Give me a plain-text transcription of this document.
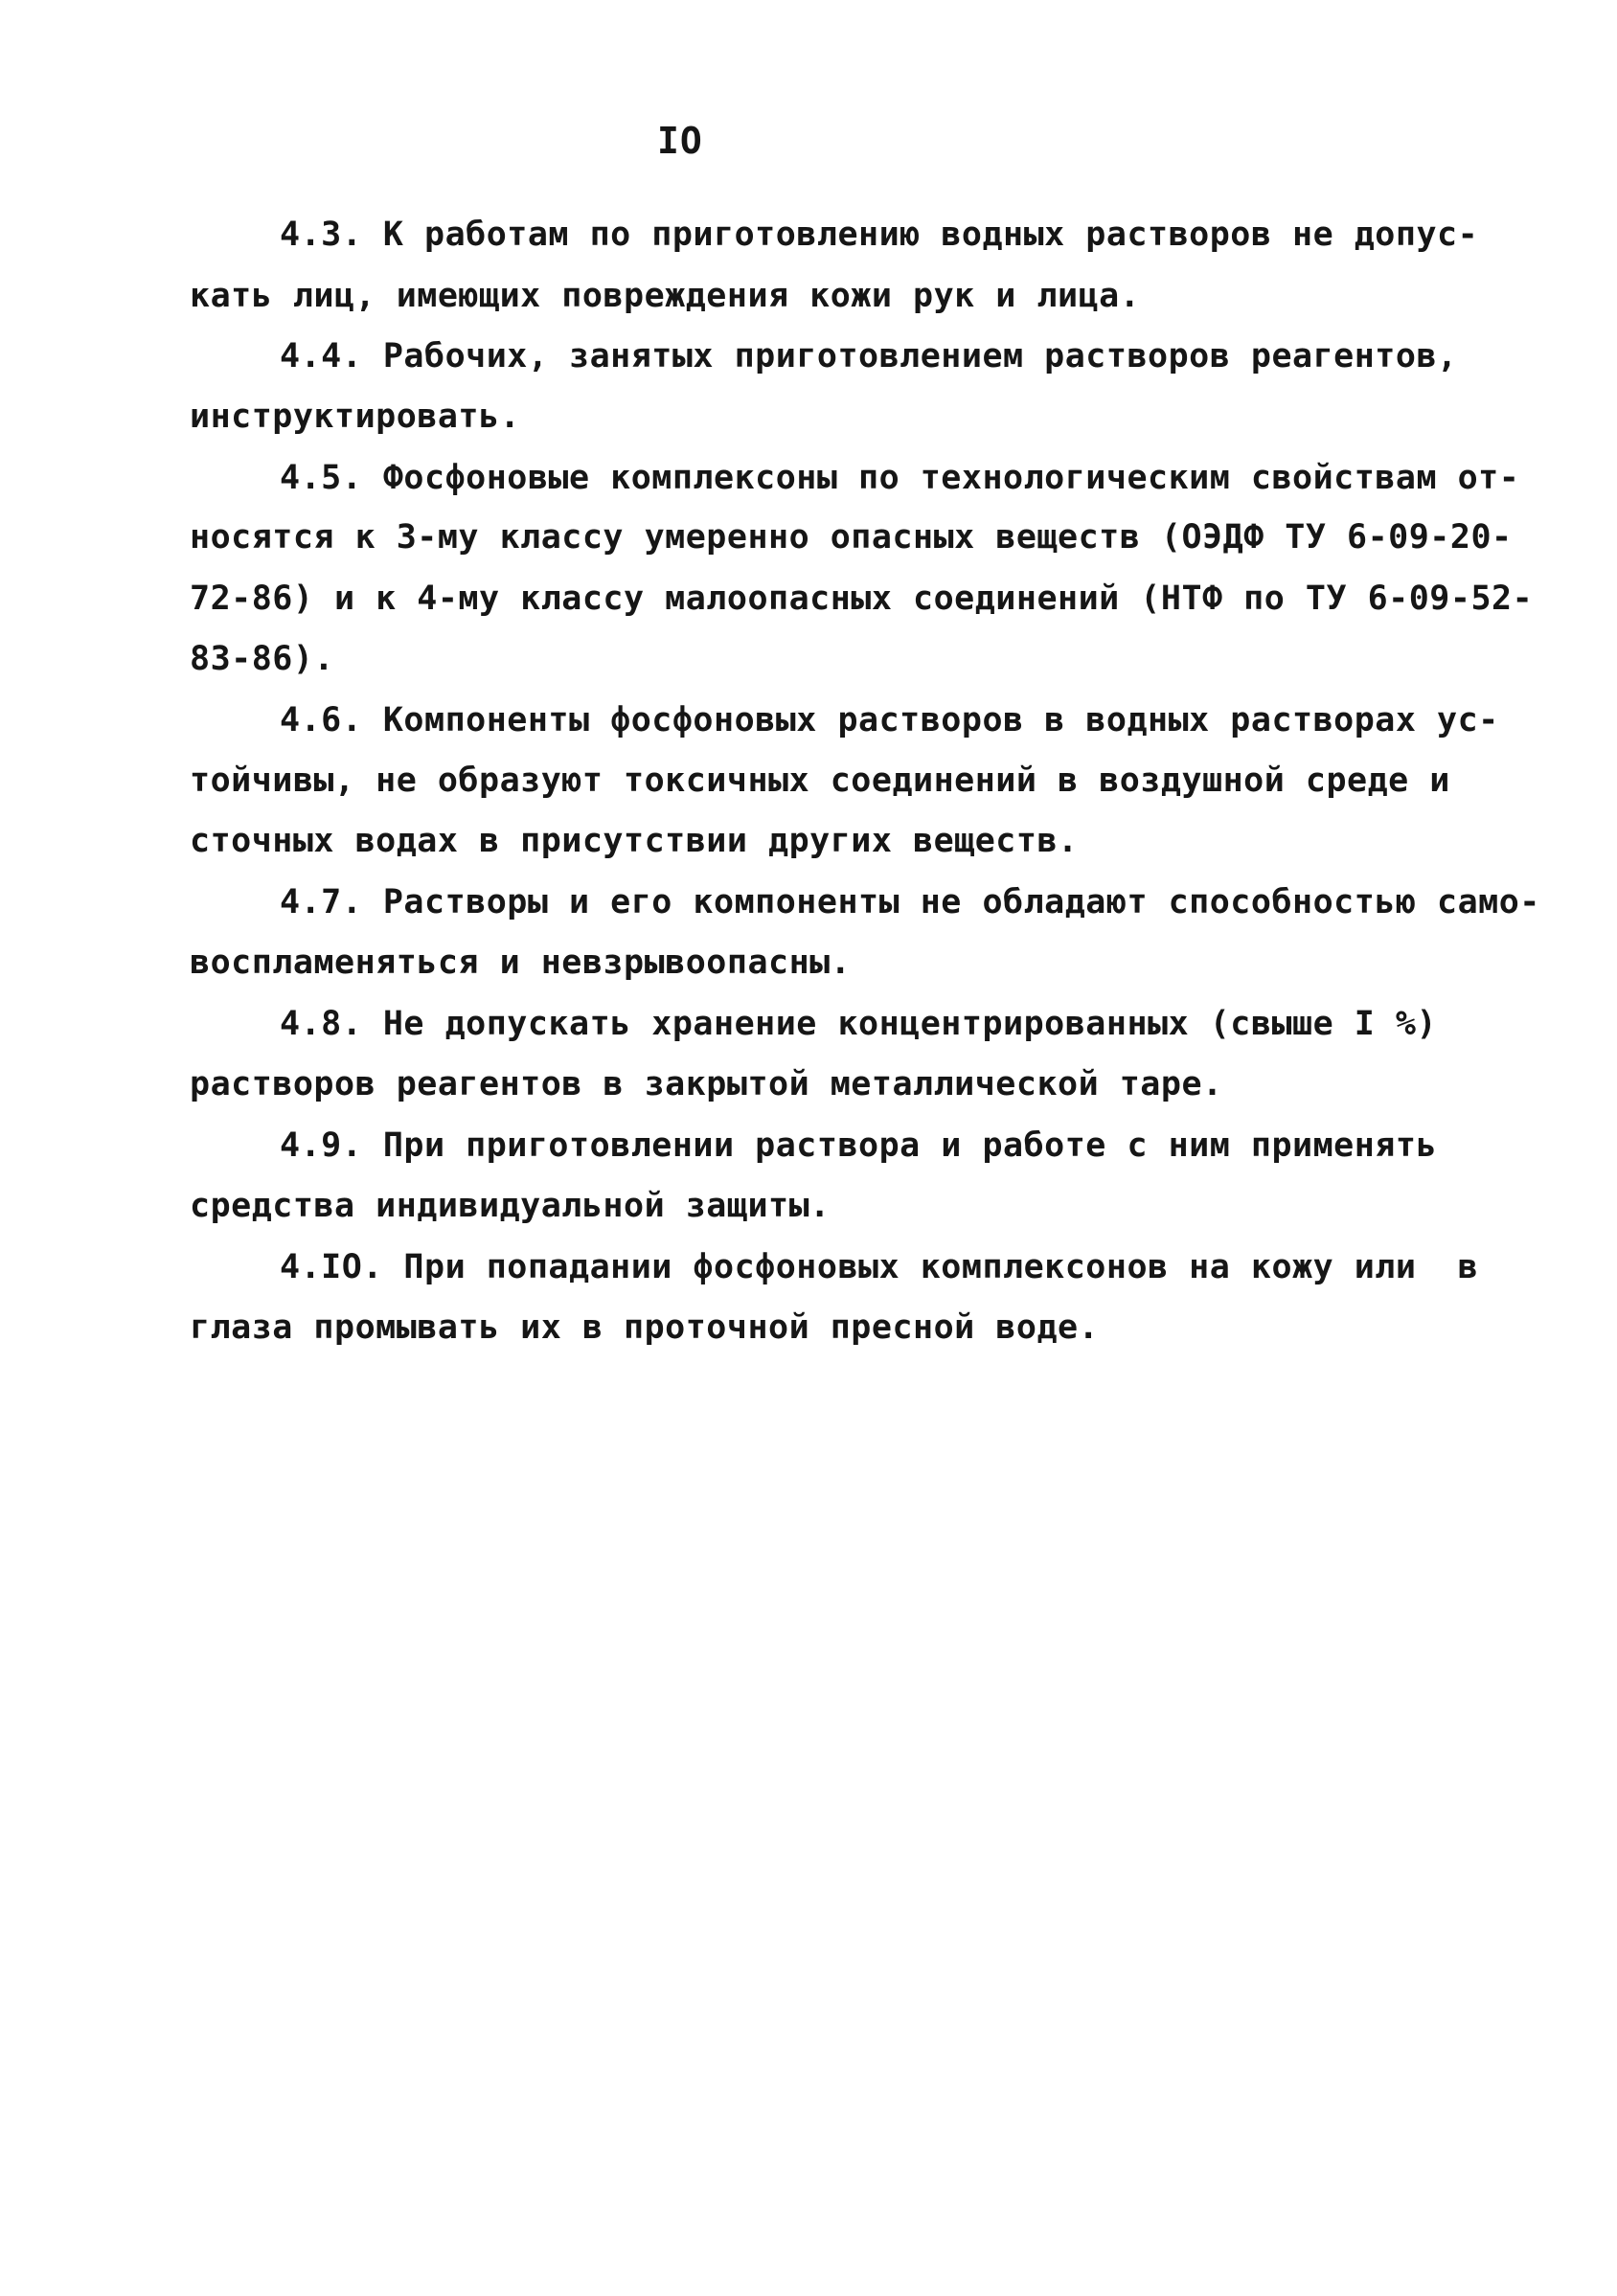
IO
4.3. К работам по приготовлению водных растворов не допус-
кать лиц, имеющих повреждения кожи рук и лица.
4.4. Рабочих, занятых приготовлением растворов реагентов,
инструктировать.
4.5. Фосфоновые комплексоны по технологическим свойствам от-
носятся к 3-му классу умеренно опасных веществ (ОЭДФ ТУ 6-09-20-
72-86) и к 4-му классу малоопасных соединений (НТФ по ТУ 6-09-52-
83-86).
4.6. Компоненты фосфоновых растворов в водных растворах ус-
тойчивы, не образуют токсичных соединений в воздушной среде и
сточных водах в присутствии других веществ.
4.7. Растворы и его компоненты не обладают способностью само-
воспламеняться и невзрывоопасны.
4.8. Не допускать хранение концентрированных (свыше I %)
растворов реагентов в закрытой металлической таре.
4.9. При приготовлении раствора и работе с ним применять
средства индивидуальной защиты.
4.IO. При попадании фосфоновых комплексонов на кожу или  в
глаза промывать их в проточной пресной воде.
